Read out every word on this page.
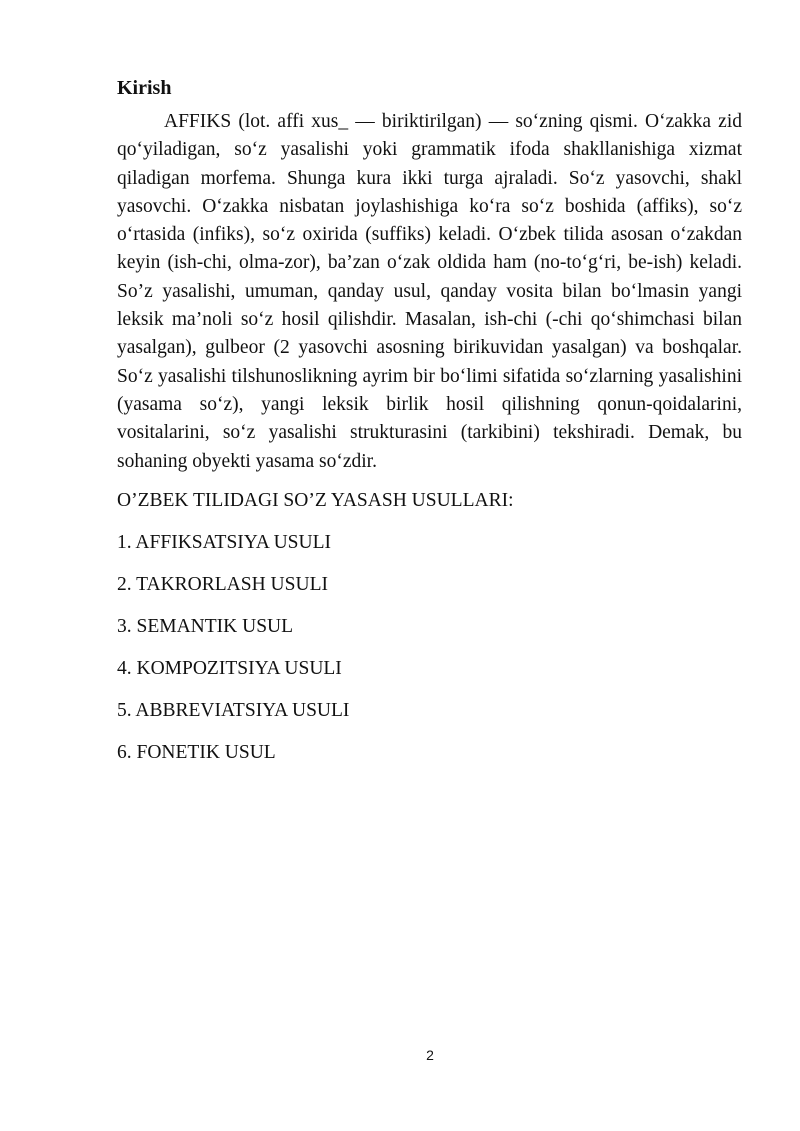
Kirish

AFFIKS (lot. affi xus_ — biriktirilgan) — so‘zning qismi. O‘zakka zid qo‘yiladigan, so‘z yasalishi yoki grammatik ifoda shakllanishiga xizmat qiladigan morfema. Shunga kura ikki turga ajraladi. So‘z yasovchi, shakl yasovchi. O‘zakka nisbatan joylashishiga ko‘ra so‘z boshida (affiks), so‘z o‘rtasida (infiks), so‘z oxirida (suffiks) keladi. O‘zbek tilida asosan o‘zakdan keyin (ish-chi, olma-zor), ba’zan o‘zak oldida ham (no-to‘g‘ri, be-ish) keladi. So’z yasalishi, umuman, qanday usul, qanday vosita bilan bo‘lmasin yangi leksik ma’noli so‘z hosil qilishdir. Masalan, ish-chi (-chi qo‘shimchasi bilan yasalgan), gulbeor (2 yasovchi asosning birikuvidan yasalgan) va boshqalar. So‘z yasalishi tilshunoslikning ayrim bir bo‘limi sifatida so‘zlarning yasalishini (yasama so‘z), yangi leksik birlik hosil qilishning qonun-qoidalarini, vositalarini, so‘z yasalishi strukturasini (tarkibini) tekshiradi. Demak, bu sohaning obyekti yasama so‘zdir.

O’ZBEK TILIDAGI SO’Z YASASH USULLARI:

1. AFFIKSATSIYA USULI
2. TAKRORLASH USULI
3. SEMANTIK USUL
4. KOMPOZITSIYA USULI
5. ABBREVIATSIYA USULI
6. FONETIK USUL
2
